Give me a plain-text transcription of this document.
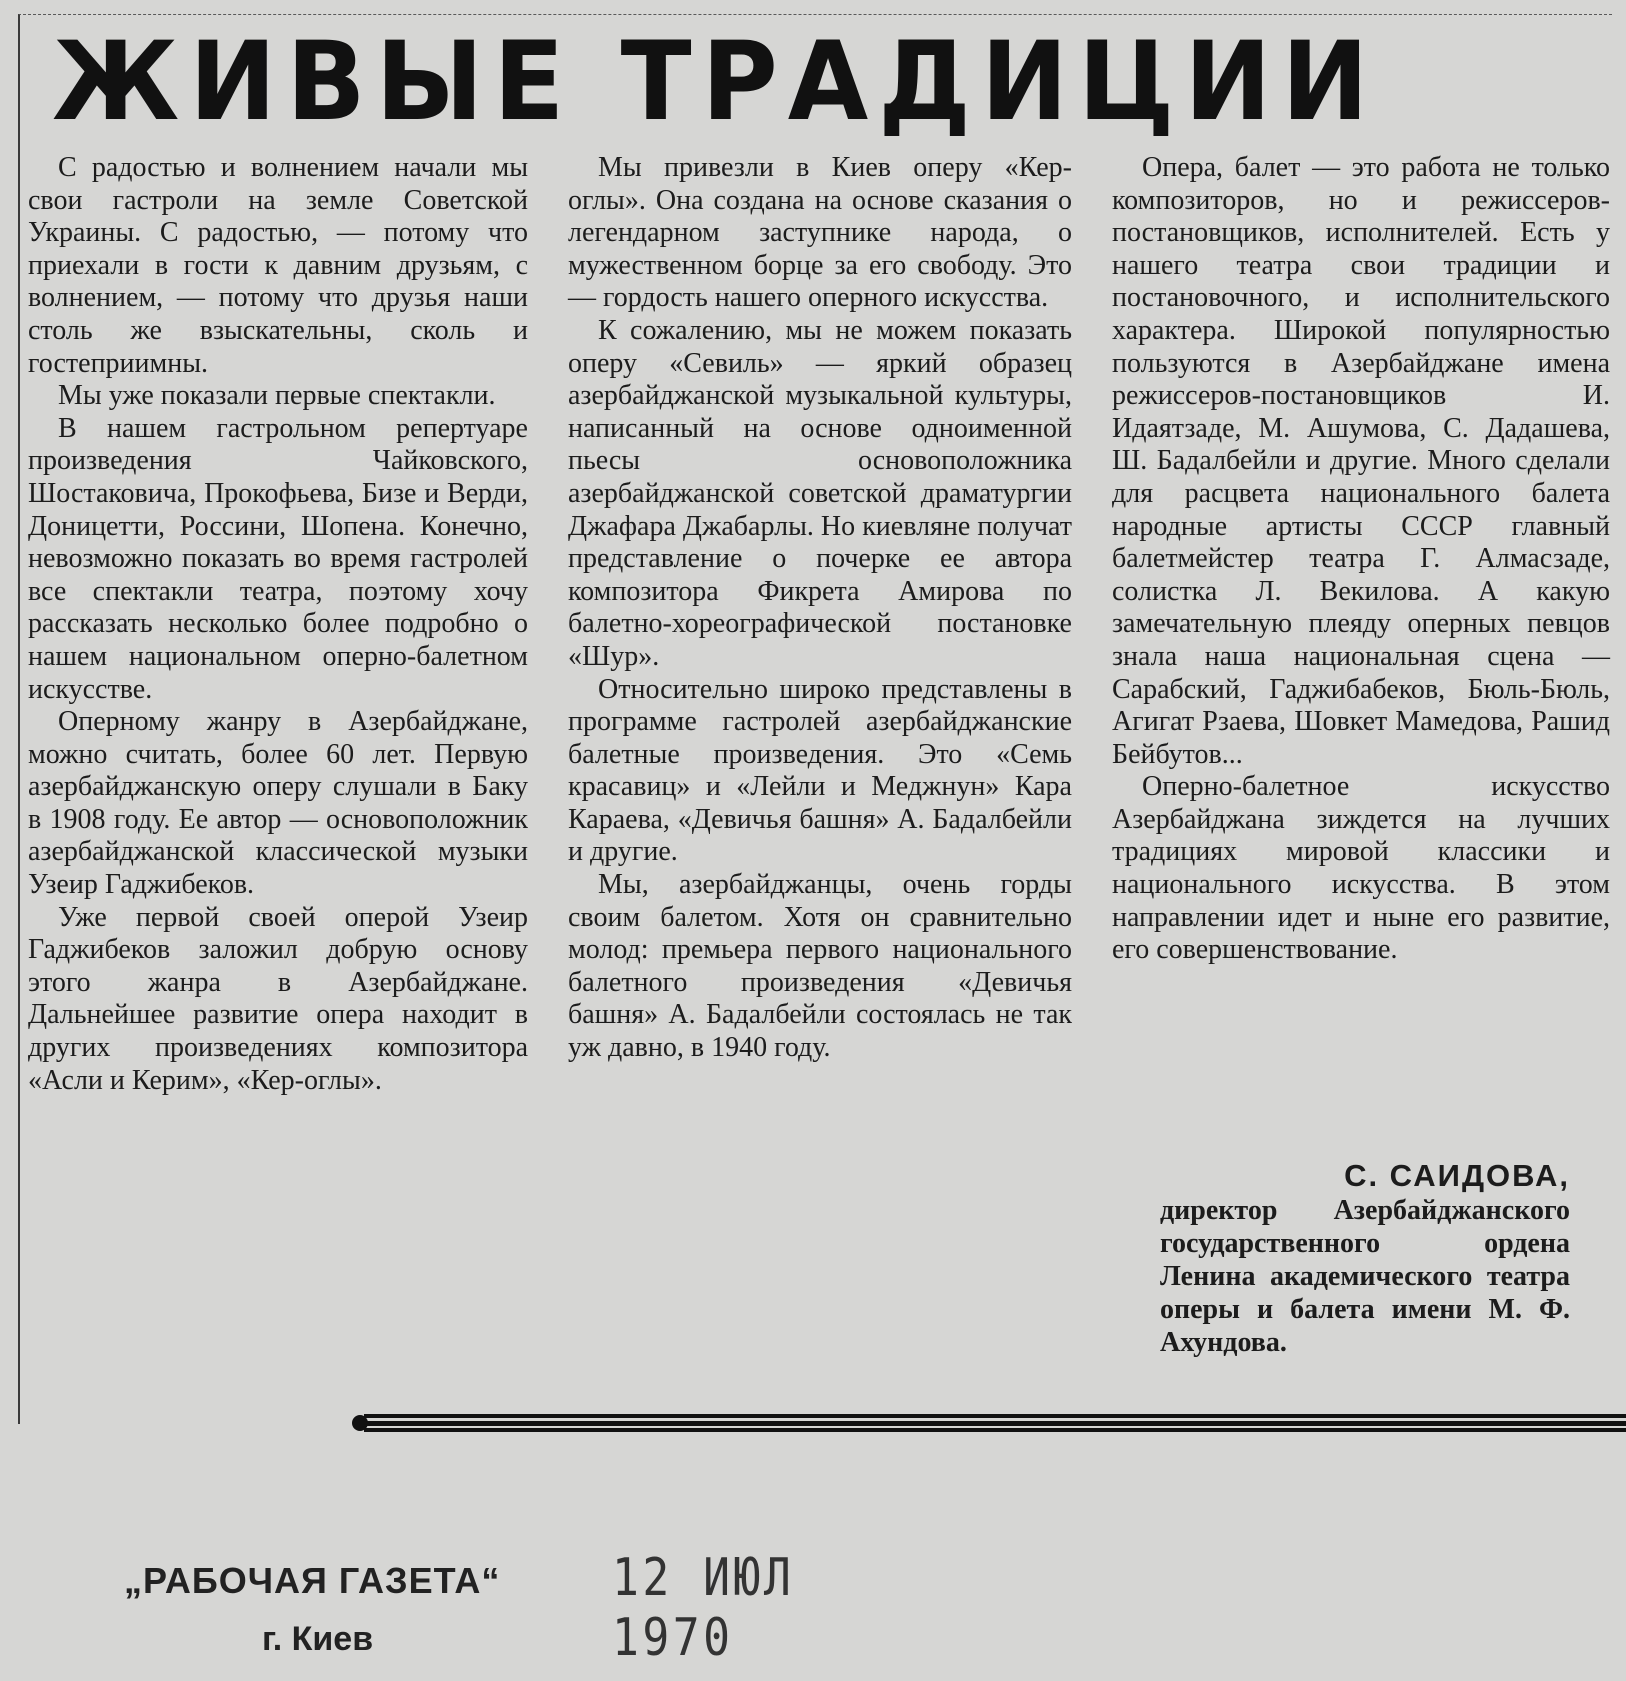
ЖИВЫЕ ТРАДИЦИИ

С радостью и волнением начали мы свои гастроли на земле Советской Украины. С радостью, — потому что приехали в гости к давним друзьям, с волнением, — потому что друзья наши столь же взыскательны, сколь и гостеприимны.

Мы уже показали первые спектакли.

В нашем гастрольном репертуаре произведения Чайковского, Шостаковича, Прокофьева, Бизе и Верди, Доницетти, Россини, Шопена. Конечно, невозможно показать во время гастролей все спектакли театра, поэтому хочу рассказать несколько более подробно о нашем национальном оперно-балетном искусстве.

Оперному жанру в Азербайджане, можно считать, более 60 лет. Первую азербайджанскую оперу слушали в Баку в 1908 году. Ее автор — основоположник азербайджанской классической музыки Узеир Гаджибеков.

Уже первой своей оперой Узеир Гаджибеков заложил добрую основу этого жанра в Азербайджане. Дальнейшее развитие опера находит в других произведениях композитора «Асли и Керим», «Кер-оглы».

Мы привезли в Киев оперу «Кер-оглы». Она создана на основе сказания о легендарном заступнике народа, о мужественном борце за его свободу. Это — гордость нашего оперного искусства.

К сожалению, мы не можем показать оперу «Севиль» — яркий образец азербайджанской музыкальной культуры, написанный на основе одноименной пьесы основоположника азербайджанской советской драматургии Джафара Джабарлы. Но киевляне получат представление о почерке ее автора композитора Фикрета Амирова по балетно-хореографической постановке «Шур».

Относительно широко представлены в программе гастролей азербайджанские балетные произведения. Это «Семь красавиц» и «Лейли и Меджнун» Кара Караева, «Девичья башня» А. Бадалбейли и другие.

Мы, азербайджанцы, очень горды своим балетом. Хотя он сравнительно молод: премьера первого национального балетного произведения «Девичья башня» А. Бадалбейли состоялась не так уж давно, в 1940 году.

Опера, балет — это работа не только композиторов, но и режиссеров-постановщиков, исполнителей. Есть у нашего театра свои традиции и постановочного, и исполнительского характера. Широкой популярностью пользуются в Азербайджане имена режиссеров-постановщиков И. Идаятзаде, М. Ашумова, С. Дадашева, Ш. Бадалбейли и другие. Много сделали для расцвета национального балета народные артисты СССР главный балетмейстер театра Г. Алмасзаде, солистка Л. Векилова. А какую замечательную плеяду оперных певцов знала наша национальная сцена — Сарабский, Гаджибабеков, Бюль-Бюль, Агигат Рзаева, Шовкет Мамедова, Рашид Бейбутов...

Оперно-балетное искусство Азербайджана зиждется на лучших традициях мировой классики и национального искусства. В этом направлении идет и ныне его развитие, его совершенствование.

С. САИДОВА,
директор Азербайджанского государственного ордена Ленина академического театра оперы и балета имени М. Ф. Ахундова.
„РАБОЧАЯ ГАЗЕТА“
г. Киев
12 ИЮЛ 1970
